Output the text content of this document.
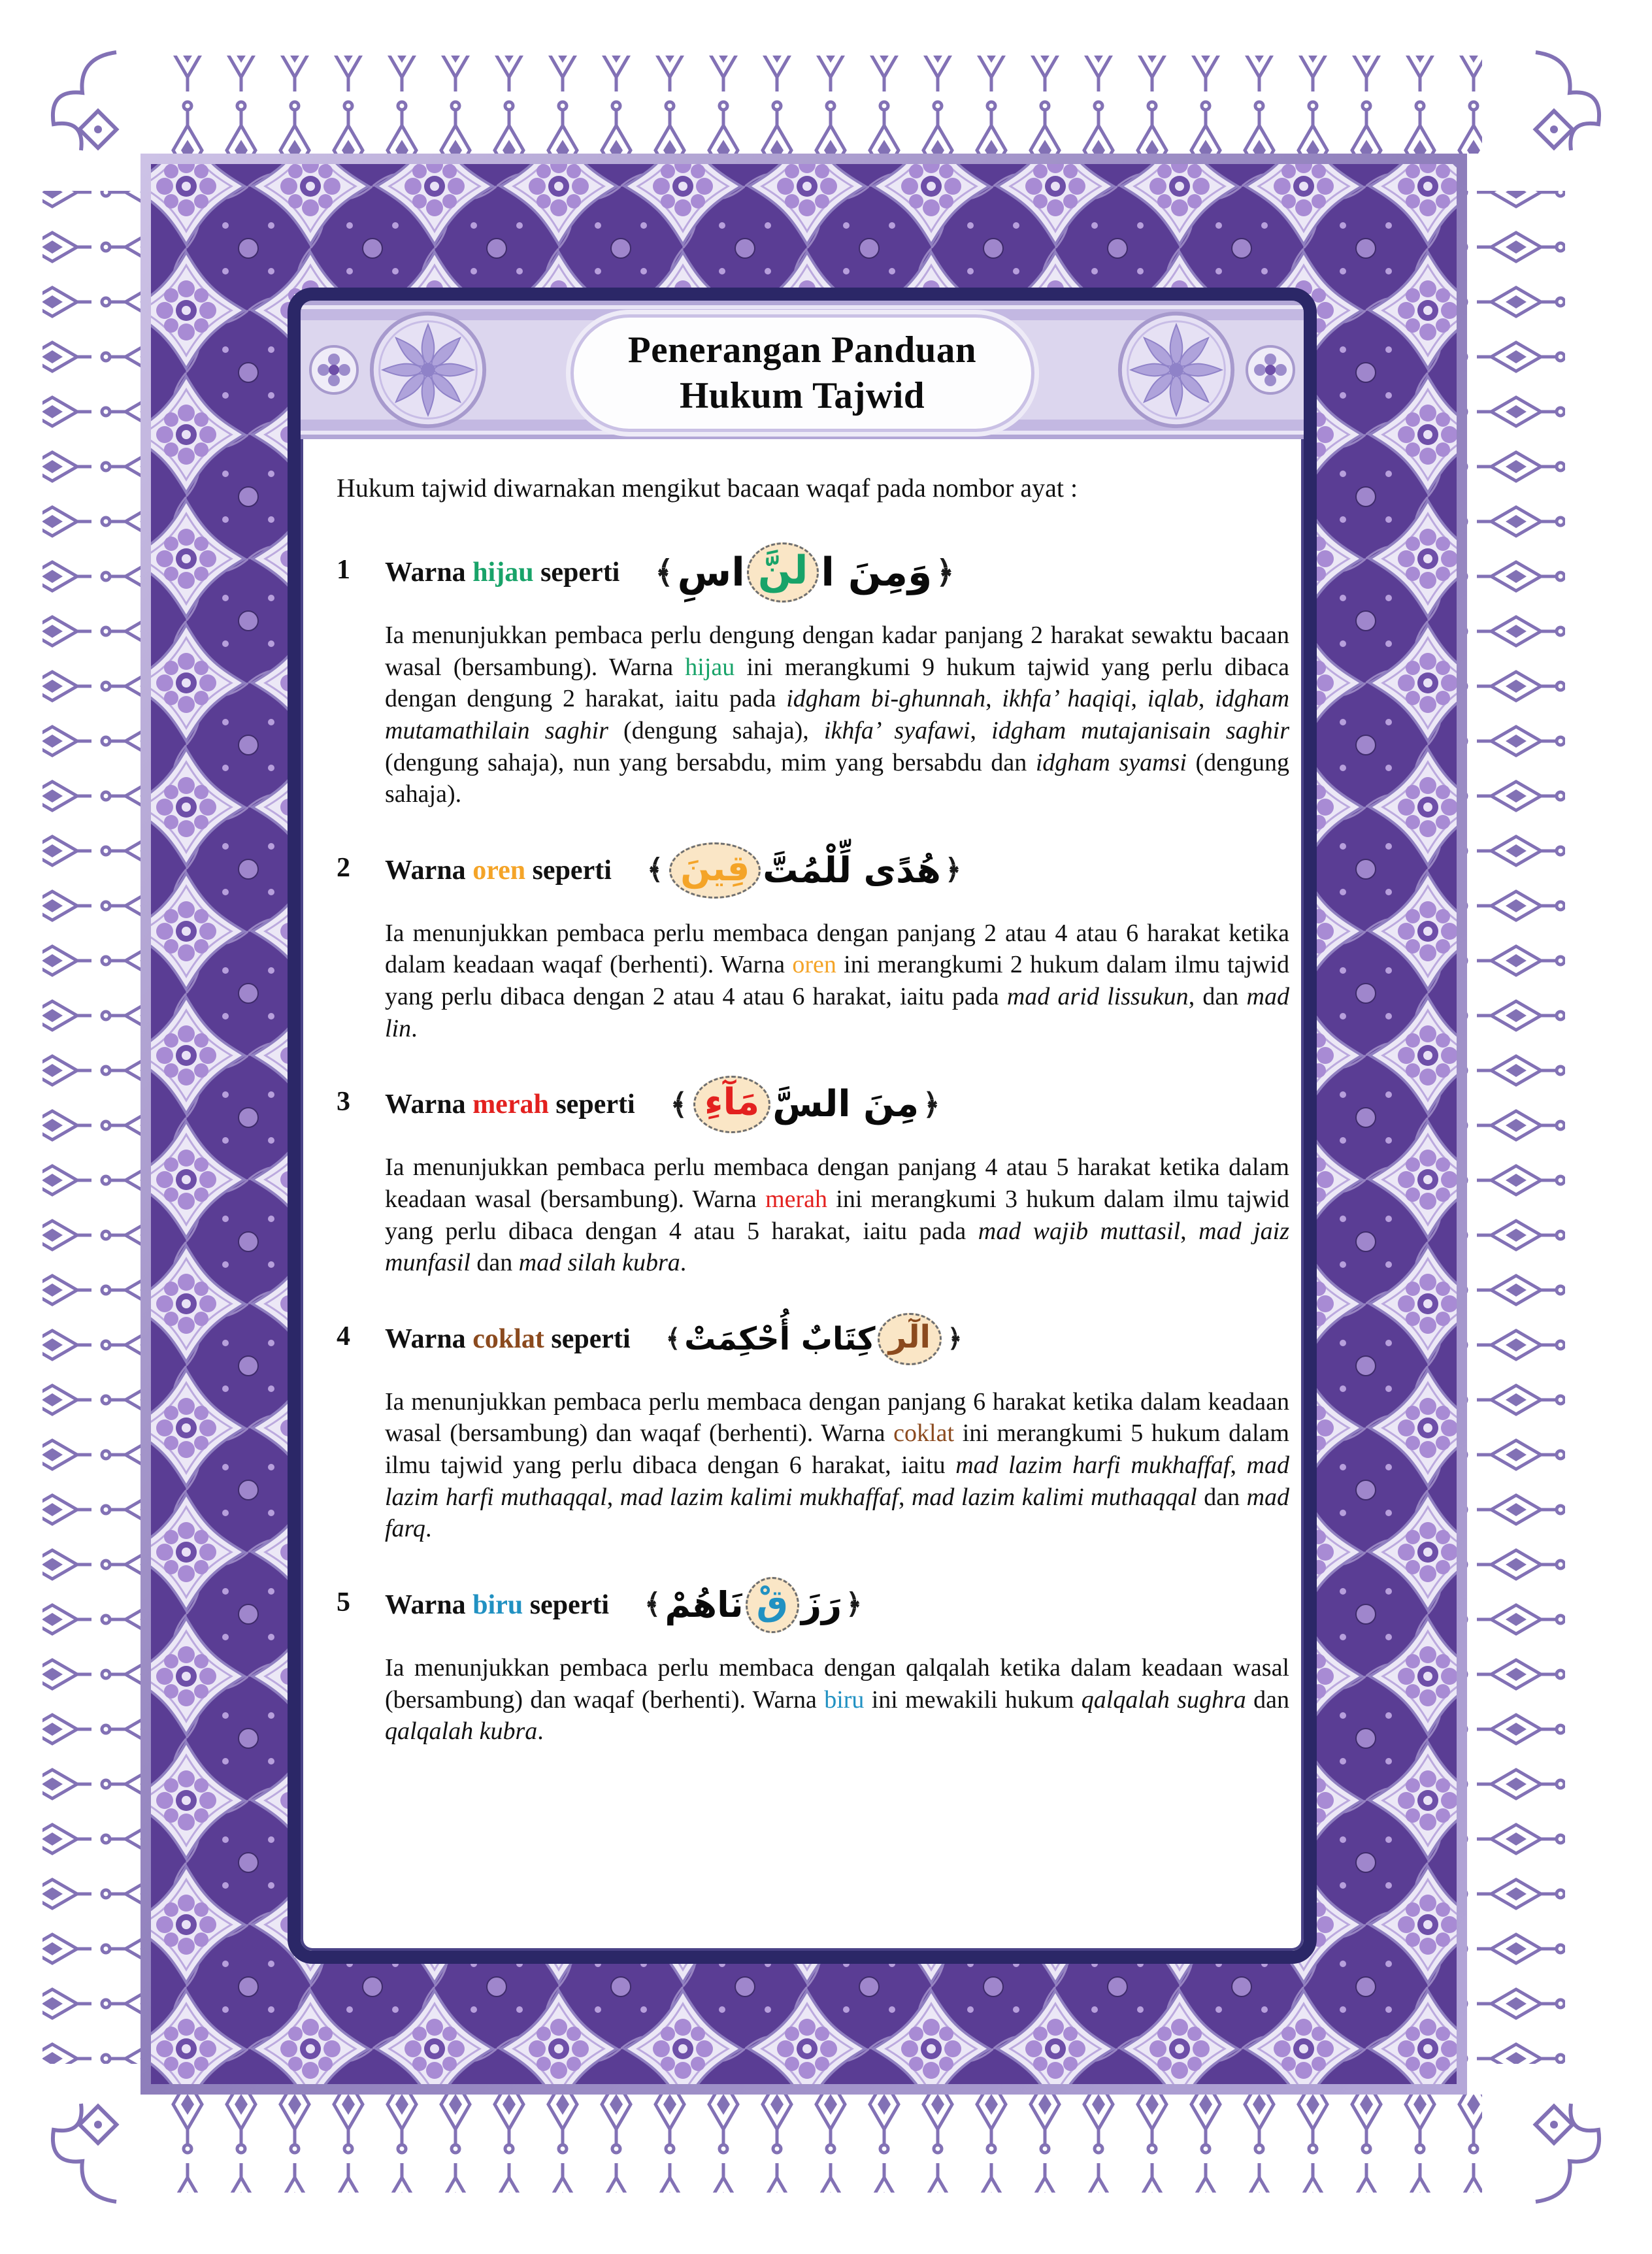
Penerangan Panduan
Hukum Tajwid

Hukum tajwid diwarnakan mengikut bacaan waqaf pada nombor ayat :

1	Warna hijau seperti	﴿
وَمِنَ ا
لنَّ
اسِ
﴾

Ia menunjukkan pembaca perlu dengung dengan kadar panjang 2 harakat sewaktu bacaan wasal (bersambung). Warna hijau ini merangkumi 9 hukum tajwid yang perlu dibaca dengan dengung 2 harakat, iaitu pada idgham bi-ghunnah, ikhfa’ haqiqi, iqlab, idgham mutamathilain saghir (dengung sahaja), ikhfa’ syafawi, idgham mutajanisain saghir (dengung sahaja), nun yang bersabdu, mim yang bersabdu dan idgham syamsi (dengung sahaja).

2	Warna oren seperti	﴿
هُدًى لِّلْمُتَّ
قِينَ
﴾

Ia menunjukkan pembaca perlu membaca dengan panjang 2 atau 4 atau 6 harakat ketika dalam keadaan waqaf (berhenti). Warna oren ini merangkumi 2 hukum dalam ilmu tajwid yang perlu dibaca dengan 2 atau 4 atau 6 harakat, iaitu pada mad arid lissukun, dan mad lin.

3	Warna merah seperti	﴿
مِنَ السَّ
مَآءِ
﴾

Ia menunjukkan pembaca perlu membaca dengan panjang 4 atau 5 harakat ketika dalam keadaan wasal (bersambung). Warna merah ini merangkumi 3 hukum dalam ilmu tajwid yang perlu dibaca dengan 4 atau 5 harakat, iaitu pada mad wajib muttasil, mad jaiz munfasil dan mad silah kubra.

4	Warna coklat seperti	﴿
الٓر
كِتَابٌ أُحْكِمَتْ
﴾

Ia menunjukkan pembaca perlu membaca dengan panjang 6 harakat ketika dalam keadaan wasal (bersambung) dan waqaf (berhenti). Warna coklat ini merangkumi 5 hukum dalam ilmu tajwid yang perlu dibaca dengan 6 harakat, iaitu mad lazim harfi mukhaffaf, mad lazim harfi muthaqqal, mad lazim kalimi mukhaffaf, mad lazim kalimi muthaqqal dan mad farq.

5	Warna biru seperti	﴿
رَزَ
قْ
نَاهُمْ
﴾

Ia menunjukkan pembaca perlu membaca dengan qalqalah ketika dalam keadaan wasal (bersambung) dan waqaf (berhenti). Warna biru ini mewakili hukum qalqalah sughra dan qalqalah kubra.
